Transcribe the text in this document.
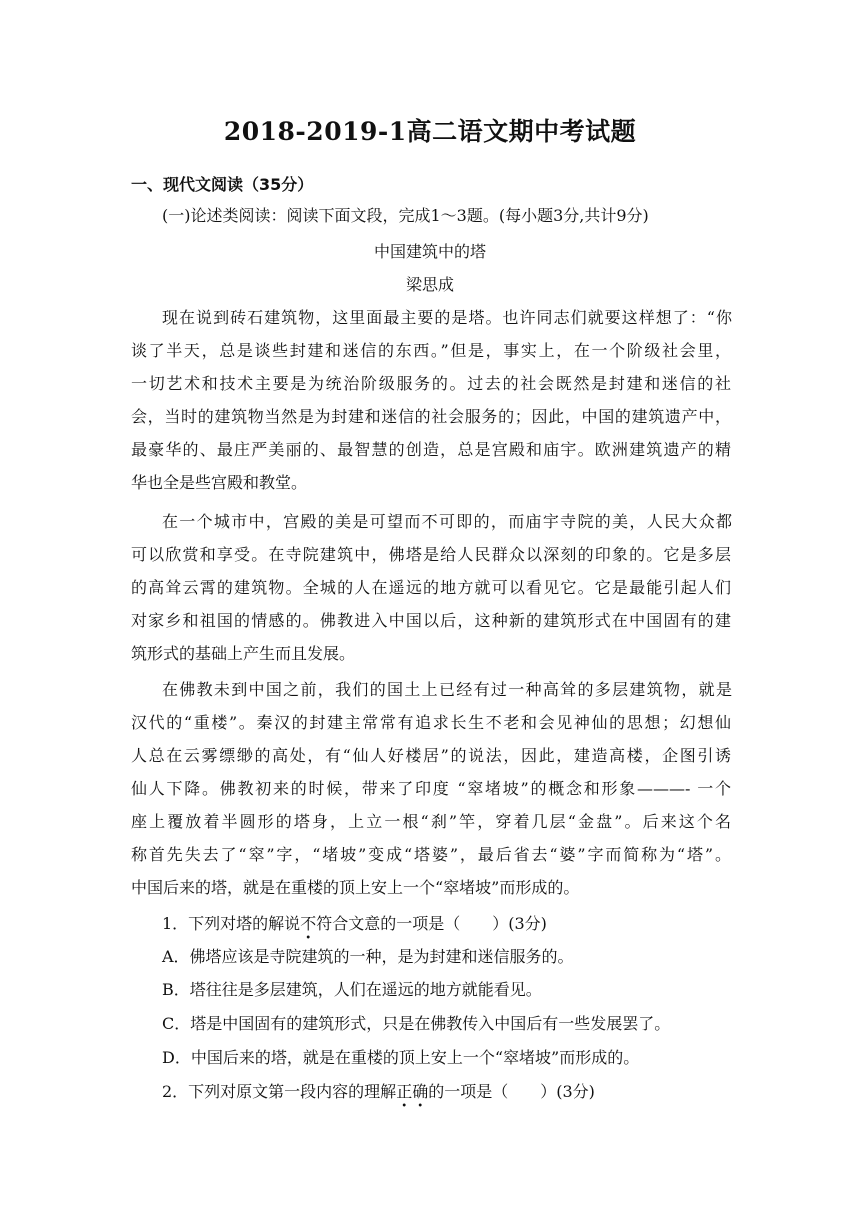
2018-2019-1高二语文期中考试题
一、现代文阅读（35分）
(一)论述类阅读：阅读下面文段，完成1～3题。(每小题3分,共计9分)
中国建筑中的塔
梁思成
现在说到砖石建筑物，这里面最主要的是塔。也许同志们就要这样想了：“你
谈了半天，总是谈些封建和迷信的东西。”但是，事实上，在一个阶级社会里，
一切艺术和技术主要是为统治阶级服务的。过去的社会既然是封建和迷信的社
会，当时的建筑物当然是为封建和迷信的社会服务的；因此，中国的建筑遗产中，
最豪华的、最庄严美丽的、最智慧的创造，总是宫殿和庙宇。欧洲建筑遗产的精
华也全是些宫殿和教堂。
在一个城市中，宫殿的美是可望而不可即的，而庙宇寺院的美，人民大众都
可以欣赏和享受。在寺院建筑中，佛塔是给人民群众以深刻的印象的。它是多层
的高耸云霄的建筑物。全城的人在遥远的地方就可以看见它。它是最能引起人们
对家乡和祖国的情感的。佛教进入中国以后，这种新的建筑形式在中国固有的建
筑形式的基础上产生而且发展。
在佛教未到中国之前，我们的国土上已经有过一种高耸的多层建筑物，就是
汉代的“重楼”。秦汉的封建主常常有追求长生不老和会见神仙的思想；幻想仙
人总在云雾缥缈的高处，有“仙人好楼居”的说法，因此，建造高楼，企图引诱
仙人下降。佛教初来的时候，带来了印度 “窣堵坡”的概念和形象———- 一个
座上覆放着半圆形的塔身，上立一根“刹”竿，穿着几层“金盘”。后来这个名
称首先失去了“窣”字，“堵坡”变成“塔婆”，最后省去“婆”字而简称为“塔”。
中国后来的塔，就是在重楼的顶上安上一个“窣堵坡”而形成的。
1．下列对塔的解说不符合文意的一项是（　　）(3分)
A．佛塔应该是寺院建筑的一种，是为封建和迷信服务的。
B．塔往往是多层建筑，人们在遥远的地方就能看见。
C．塔是中国固有的建筑形式，只是在佛教传入中国后有一些发展罢了。
D．中国后来的塔，就是在重楼的顶上安上一个“窣堵坡”而形成的。
2．下列对原文第一段内容的理解正确的一项是（　　）(3分)
